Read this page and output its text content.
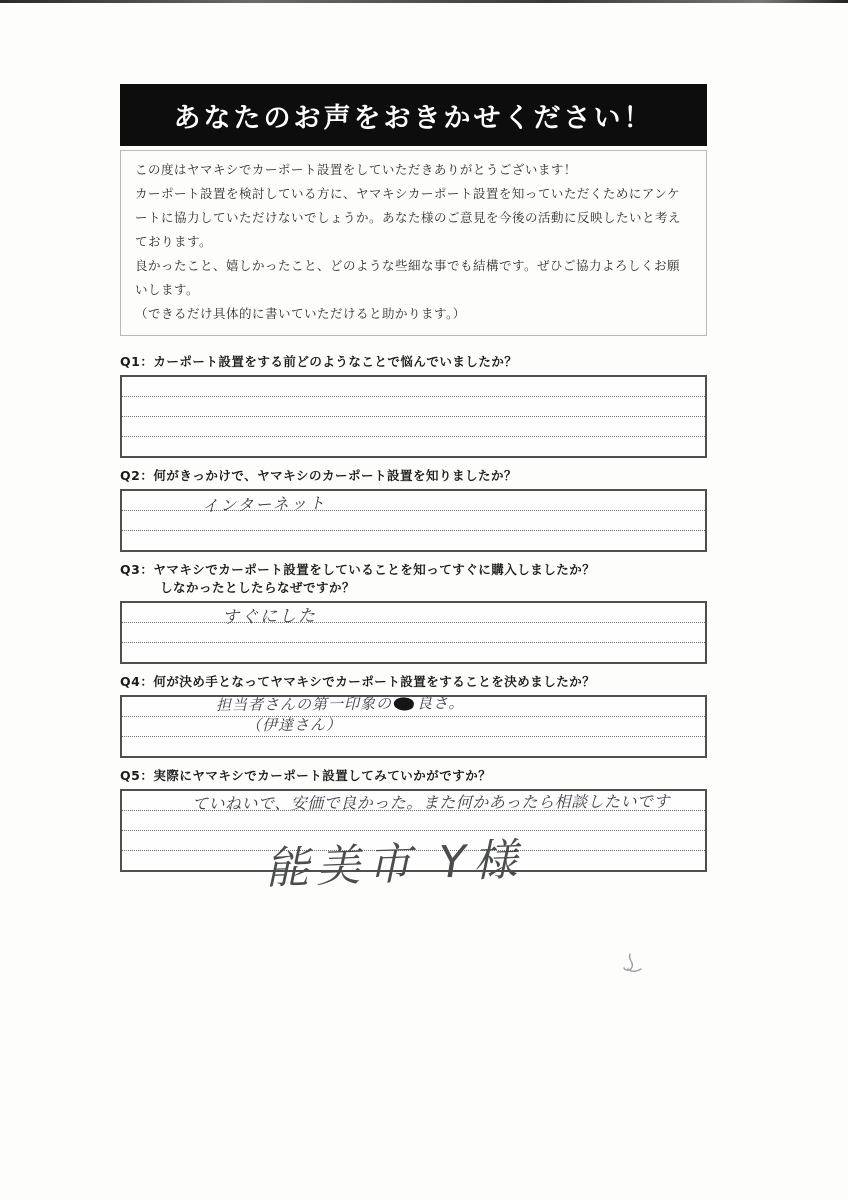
あなたのお声をおきかせください！
この度はヤマキシでカーポート設置をしていただきありがとうございます！
カーポート設置を検討している方に、ヤマキシカーポート設置を知っていただくためにアンケートに協力していただけないでしょうか。あなた様のご意見を今後の活動に反映したいと考えております。
良かったこと、嬉しかったこと、どのような些細な事でも結構です。ぜひご協力よろしくお願いします。
（できるだけ具体的に書いていただけると助かります。）
Q1：カーポート設置をする前どのようなことで悩んでいましたか？
Q2：何がきっかけで、ヤマキシのカーポート設置を知りましたか？
インターネット
Q3：ヤマキシでカーポート設置をしていることを知ってすぐに購入しましたか？
しなかったとしたらなぜですか？
すぐにした
Q4：何が決め手となってヤマキシでカーポート設置をすることを決めましたか？
担当者さんの第一印象の 良さ。
（伊達さん）
Q5：実際にヤマキシでカーポート設置してみていかがですか？
ていねいで、安価で良かった。また何かあったら相談したいです
能美市 Y様
